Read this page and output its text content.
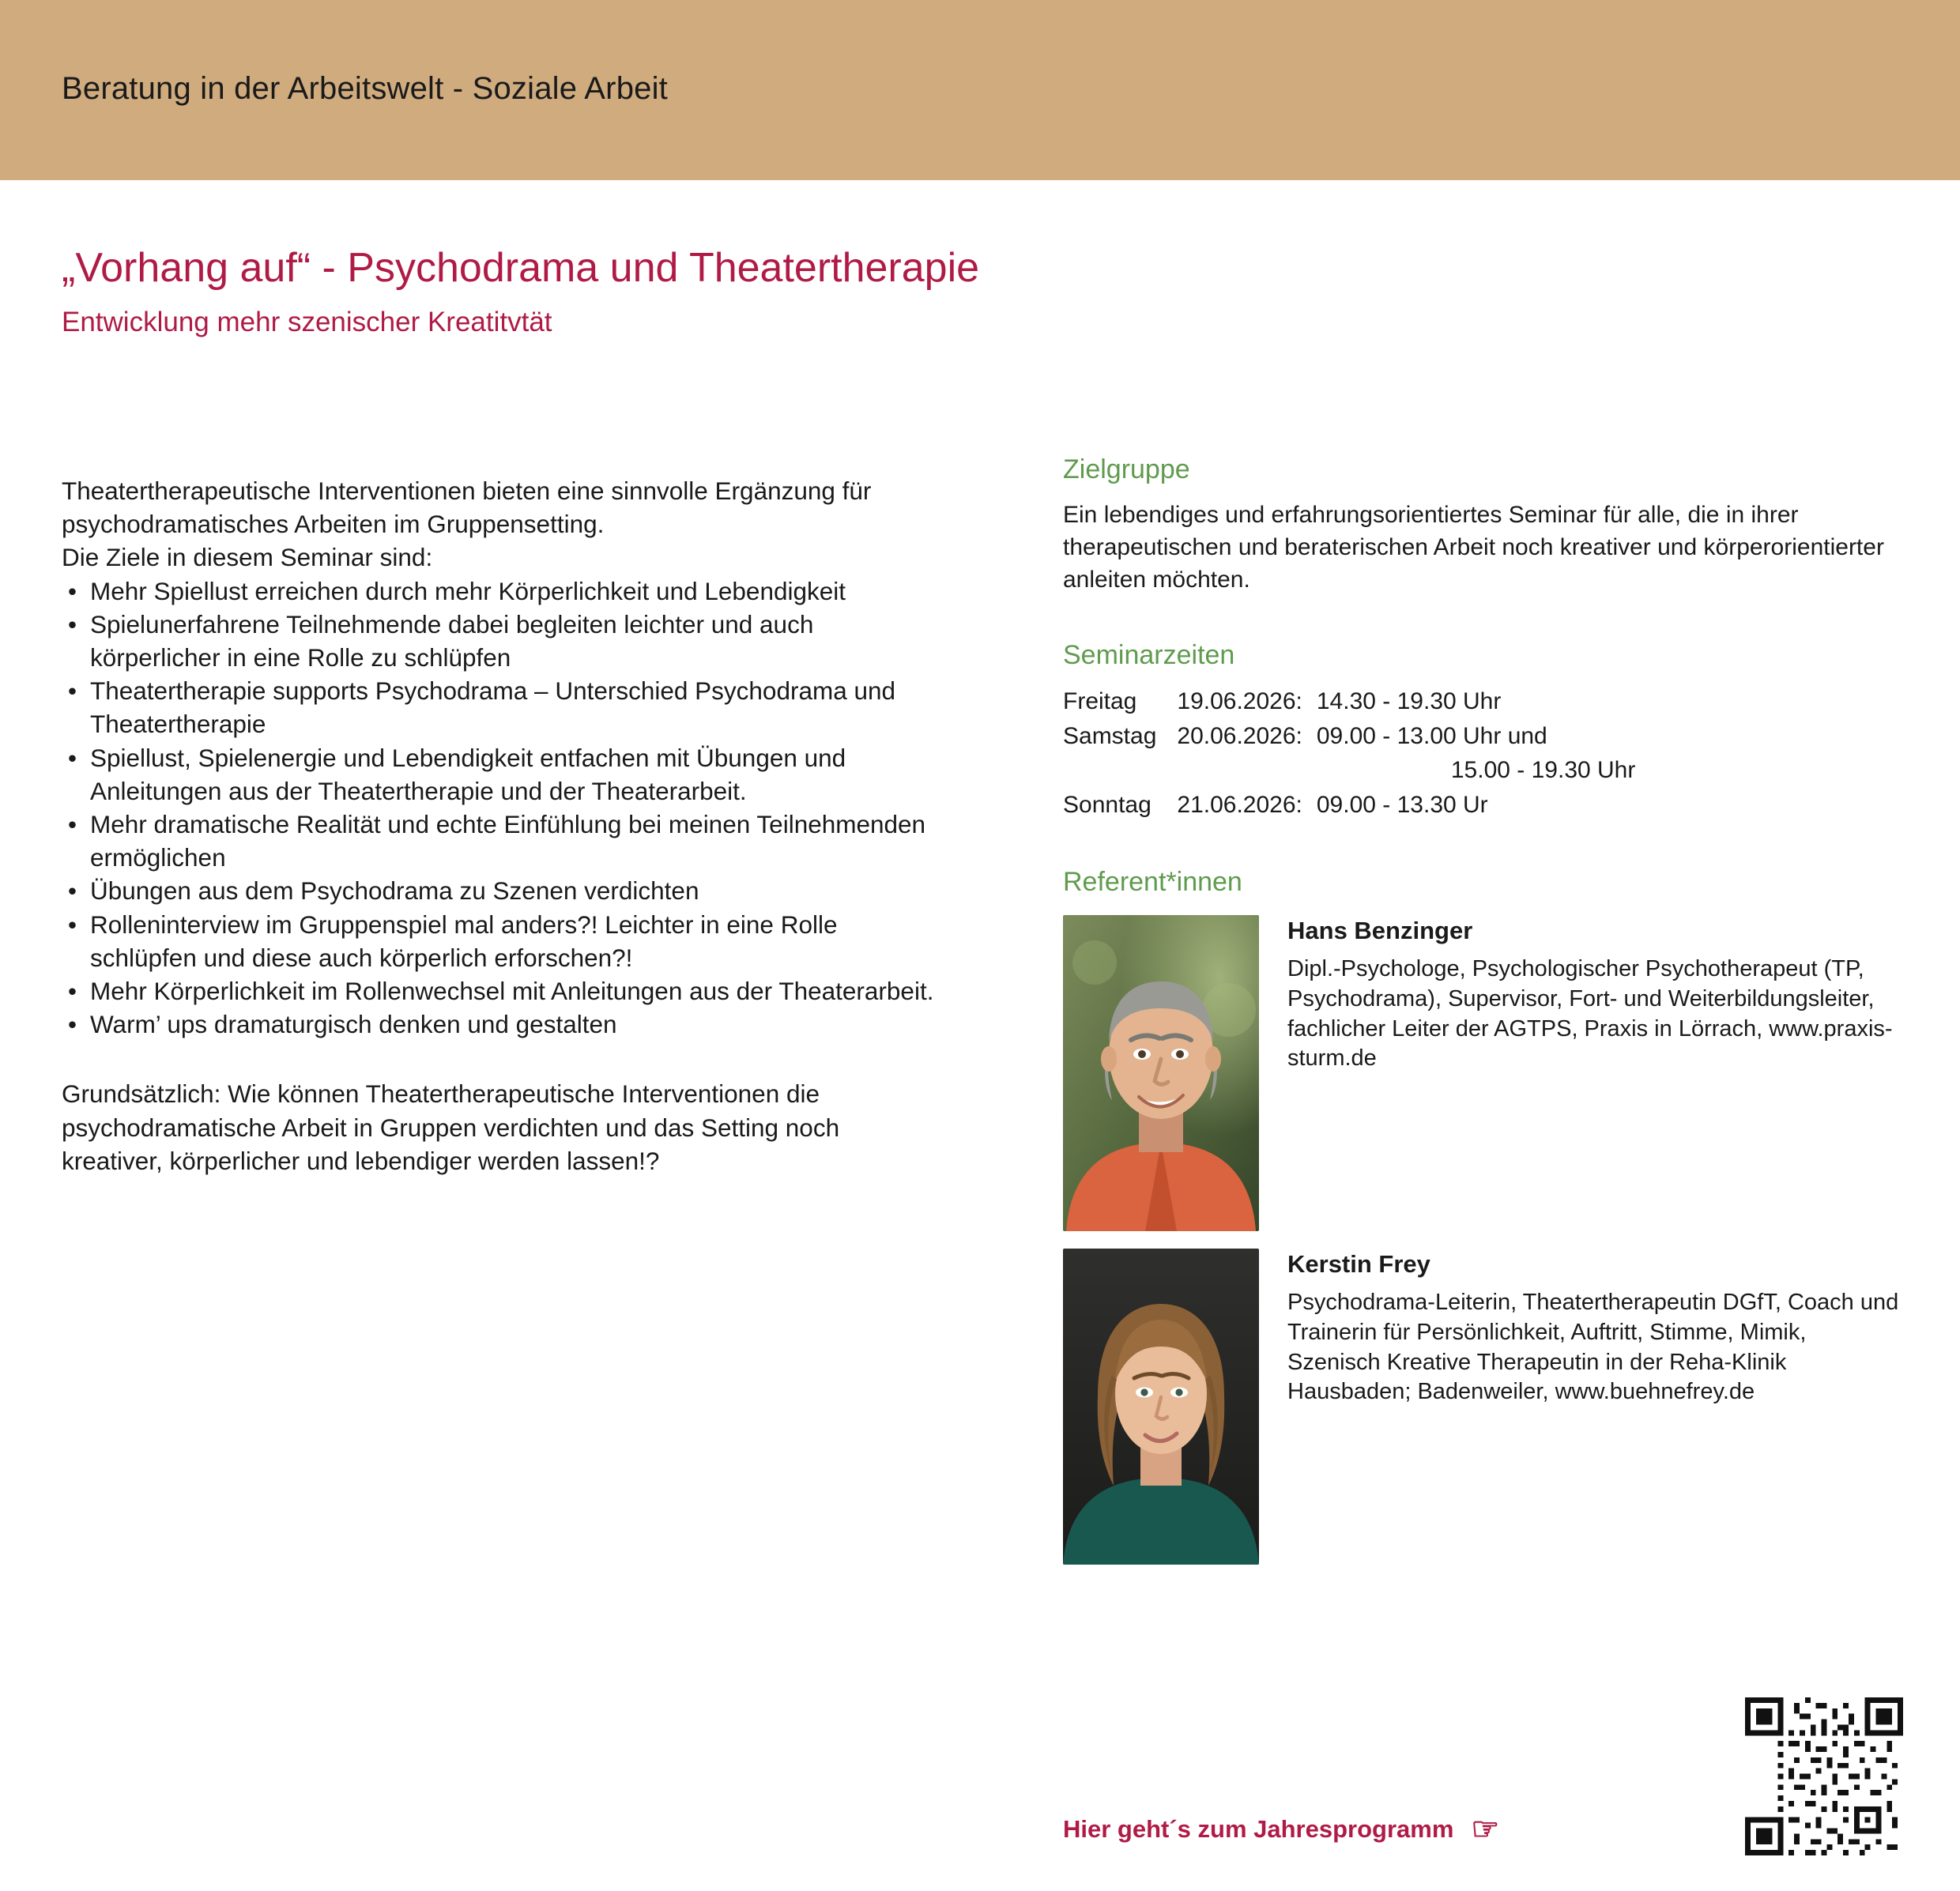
Beratung in der Arbeitswelt - Soziale Arbeit
„Vorhang auf“ - Psychodrama und Theatertherapie
Entwicklung mehr szenischer Kreatitvtät

Theatertherapeutische Interventionen bieten eine sinnvolle Ergänzung für psychodramatisches Arbeiten im Gruppensetting.

Die Ziele in diesem Seminar sind:

• Mehr Spiellust erreichen durch mehr Körperlichkeit und Lebendigkeit
• Spielunerfahrene Teilnehmende dabei begleiten leichter und auch körperlicher in eine Rolle zu schlüpfen
• Theatertherapie supports Psychodrama – Unterschied Psychodrama und Theatertherapie
• Spiellust, Spielenergie und Lebendigkeit entfachen mit Übungen und Anleitungen aus der Theatertherapie und der Theaterarbeit.
• Mehr dramatische Realität und echte Einfühlung bei meinen Teilnehmenden ermöglichen
• Übungen aus dem Psychodrama zu Szenen verdichten
• Rolleninterview im Gruppenspiel mal anders?! Leichter in eine Rolle schlüpfen und diese auch körperlich erforschen?!
• Mehr Körperlichkeit im Rollenwechsel mit Anleitungen aus der Theaterarbeit.
• Warm’ ups dramaturgisch denken und gestalten

Grundsätzlich: Wie können Theatertherapeutische Interventionen die psychodramatische Arbeit in Gruppen verdichten und das Setting noch kreativer, körperlicher und lebendiger werden lassen!?

Zielgruppe

Ein lebendiges und erfahrungsorientiertes Seminar für alle, die in ihrer therapeutischen und beraterischen Arbeit noch kreativer und körperorientierter anleiten möchten.

Seminarzeiten
Freitag	19.06.2026:	14.30 - 19.30 Uhr
Samstag	20.06.2026:	09.00 - 13.00 Uhr und
		15.00 - 19.30 Uhr
Sonntag	21.06.2026:	09.00 - 13.30 Ur
Referent*innen
Hans Benzinger
Dipl.-Psychologe, Psychologischer Psychotherapeut (TP, Psychodrama), Supervisor, Fort- und Weiterbildungsleiter, fachlicher Leiter der AGTPS, Praxis in Lörrach, www.praxis-sturm.de
Kerstin Frey
Psychodrama-Leiterin, Theatertherapeutin DGfT, Coach und Trainerin für Persönlichkeit, Auftritt, Stimme, Mimik, Szenisch Kreative Therapeutin in der Reha-Klinik Hausbaden; Badenweiler, www.buehnefrey.de
Hier geht´s zum Jahresprogramm ☞
